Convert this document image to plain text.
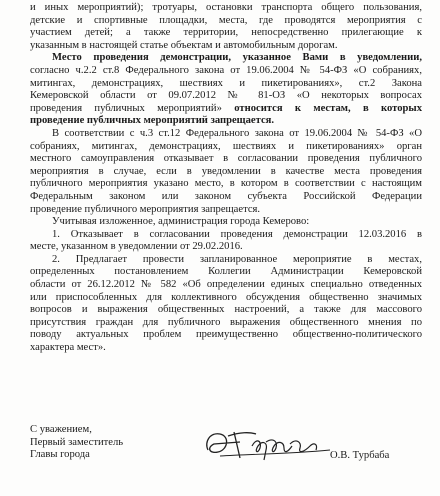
и иных мероприятий); тротуары, остановки транспорта общего пользования,
детские и спортивные площадки, места, где проводятся мероприятия с
участием детей; а также территории, непосредственно прилегающие к
указанным в настоящей статье объектам и автомобильным дорогам.
Место проведения демонстрации, указанное Вами в уведомлении,
согласно ч.2.2 ст.8 Федерального закона от 19.06.2004 № 54-ФЗ «О собраниях,
митингах, демонстрациях, шествиях и пикетированиях», ст.2 Закона
Кемеровской области от 09.07.2012 № 81-ОЗ «О некоторых вопросах
проведения публичных мероприятий» относится к местам, в которых
проведение публичных мероприятий запрещается.
В соответствии с ч.3 ст.12 Федерального закона от 19.06.2004 № 54-ФЗ «О
собраниях, митингах, демонстрациях, шествиях и пикетированиях» орган
местного самоуправления отказывает в согласовании проведения публичного
мероприятия в случае, если в уведомлении в качестве места проведения
публичного мероприятия указано место, в котором в соответствии с настоящим
Федеральным законом или законом субъекта Российской Федерации
проведение публичного мероприятия запрещается.
Учитывая изложенное, администрация города Кемерово:
1. Отказывает в согласовании проведения демонстрации 12.03.2016 в
месте, указанном в уведомлении от 29.02.2016.
2. Предлагает провести запланированное мероприятие в местах,
определенных постановлением Коллегии Администрации Кемеровской
области от 26.12.2012 № 582 «Об определении единых специально отведенных
или приспособленных для коллективного обсуждения общественно значимых
вопросов и выражения общественных настроений, а также для массового
присутствия граждан для публичного выражения общественного мнения по
поводу актуальных проблем преимущественно общественно-политического
характера мест».
С уважением,
Первый заместитель
Главы города	О.В. Турбаба
